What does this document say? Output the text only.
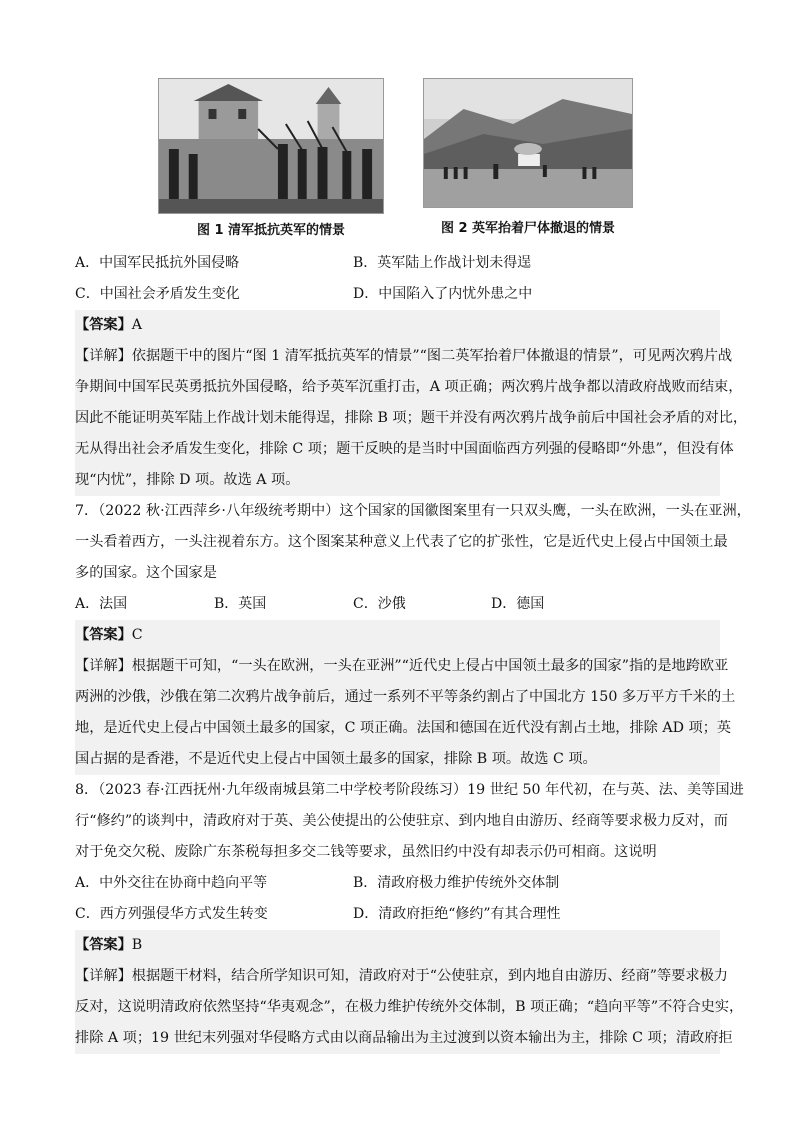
图 1 清军抵抗英军的情景	图 2 英军抬着尸体撤退的情景
A．中国军民抵抗外国侵略	B．英军陆上作战计划未得逞
C．中国社会矛盾发生变化	D．中国陷入了内忧外患之中
【答案】A
【详解】依据题干中的图片“图 1 清军抵抗英军的情景”“图二英军抬着尸体撤退的情景”，可见两次鸦片战
争期间中国军民英勇抵抗外国侵略，给予英军沉重打击，A 项正确；两次鸦片战争都以清政府战败而结束，
因此不能证明英军陆上作战计划未能得逞，排除 B 项；题干并没有两次鸦片战争前后中国社会矛盾的对比，
无从得出社会矛盾发生变化，排除 C 项；题干反映的是当时中国面临西方列强的侵略即“外患”，但没有体
现“内忧”，排除 D 项。故选 A 项。
7．（2022 秋·江西萍乡·八年级统考期中）这个国家的国徽图案里有一只双头鹰，一头在欧洲，一头在亚洲，
一头看着西方，一头注视着东方。这个图案某种意义上代表了它的扩张性，它是近代史上侵占中国领土最
多的国家。这个国家是
A．法国	B．英国	C．沙俄	D．德国
【答案】C
【详解】根据题干可知，“一头在欧洲，一头在亚洲”“近代史上侵占中国领土最多的国家”指的是地跨欧亚
两洲的沙俄，沙俄在第二次鸦片战争前后，通过一系列不平等条约割占了中国北方 150 多万平方千米的土
地，是近代史上侵占中国领土最多的国家，C 项正确。法国和德国在近代没有割占土地，排除 AD 项；英
国占据的是香港，不是近代史上侵占中国领土最多的国家，排除 B 项。故选 C 项。
8．（2023 春·江西抚州·九年级南城县第二中学校考阶段练习）19 世纪 50 年代初，在与英、法、美等国进
行“修约”的谈判中，清政府对于英、美公使提出的公使驻京、到内地自由游历、经商等要求极力反对，而
对于免交欠税、废除广东茶税每担多交二钱等要求，虽然旧约中没有却表示仍可相商。这说明
A．中外交往在协商中趋向平等	B．清政府极力维护传统外交体制
C．西方列强侵华方式发生转变	D．清政府拒绝“修约”有其合理性
【答案】B
【详解】根据题干材料，结合所学知识可知，清政府对于“公使驻京，到内地自由游历、经商”等要求极力
反对，这说明清政府依然坚持“华夷观念”，在极力维护传统外交体制，B 项正确；“趋向平等”不符合史实，
排除 A 项；19 世纪末列强对华侵略方式由以商品输出为主过渡到以资本输出为主，排除 C 项；清政府拒
